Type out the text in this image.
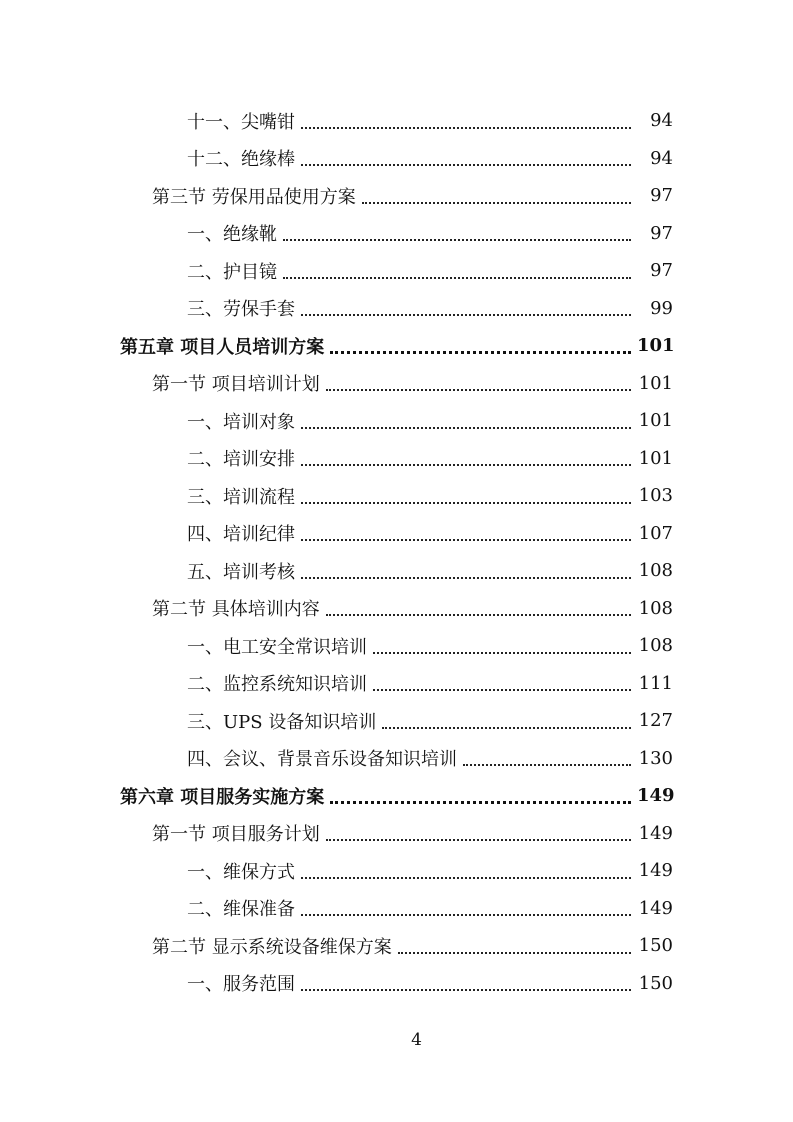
十一、尖嘴钳	94
十二、绝缘棒	94
第三节 劳保用品使用方案	97
一、绝缘靴	97
二、护目镜	97
三、劳保手套	99
第五章 项目人员培训方案	101
第一节 项目培训计划	101
一、培训对象	101
二、培训安排	101
三、培训流程	103
四、培训纪律	107
五、培训考核	108
第二节 具体培训内容	108
一、电工安全常识培训	108
二、监控系统知识培训	111
三、UPS 设备知识培训	127
四、会议、背景音乐设备知识培训	130
第六章 项目服务实施方案	149
第一节 项目服务计划	149
一、维保方式	149
二、维保准备	149
第二节 显示系统设备维保方案	150
一、服务范围	150
4
